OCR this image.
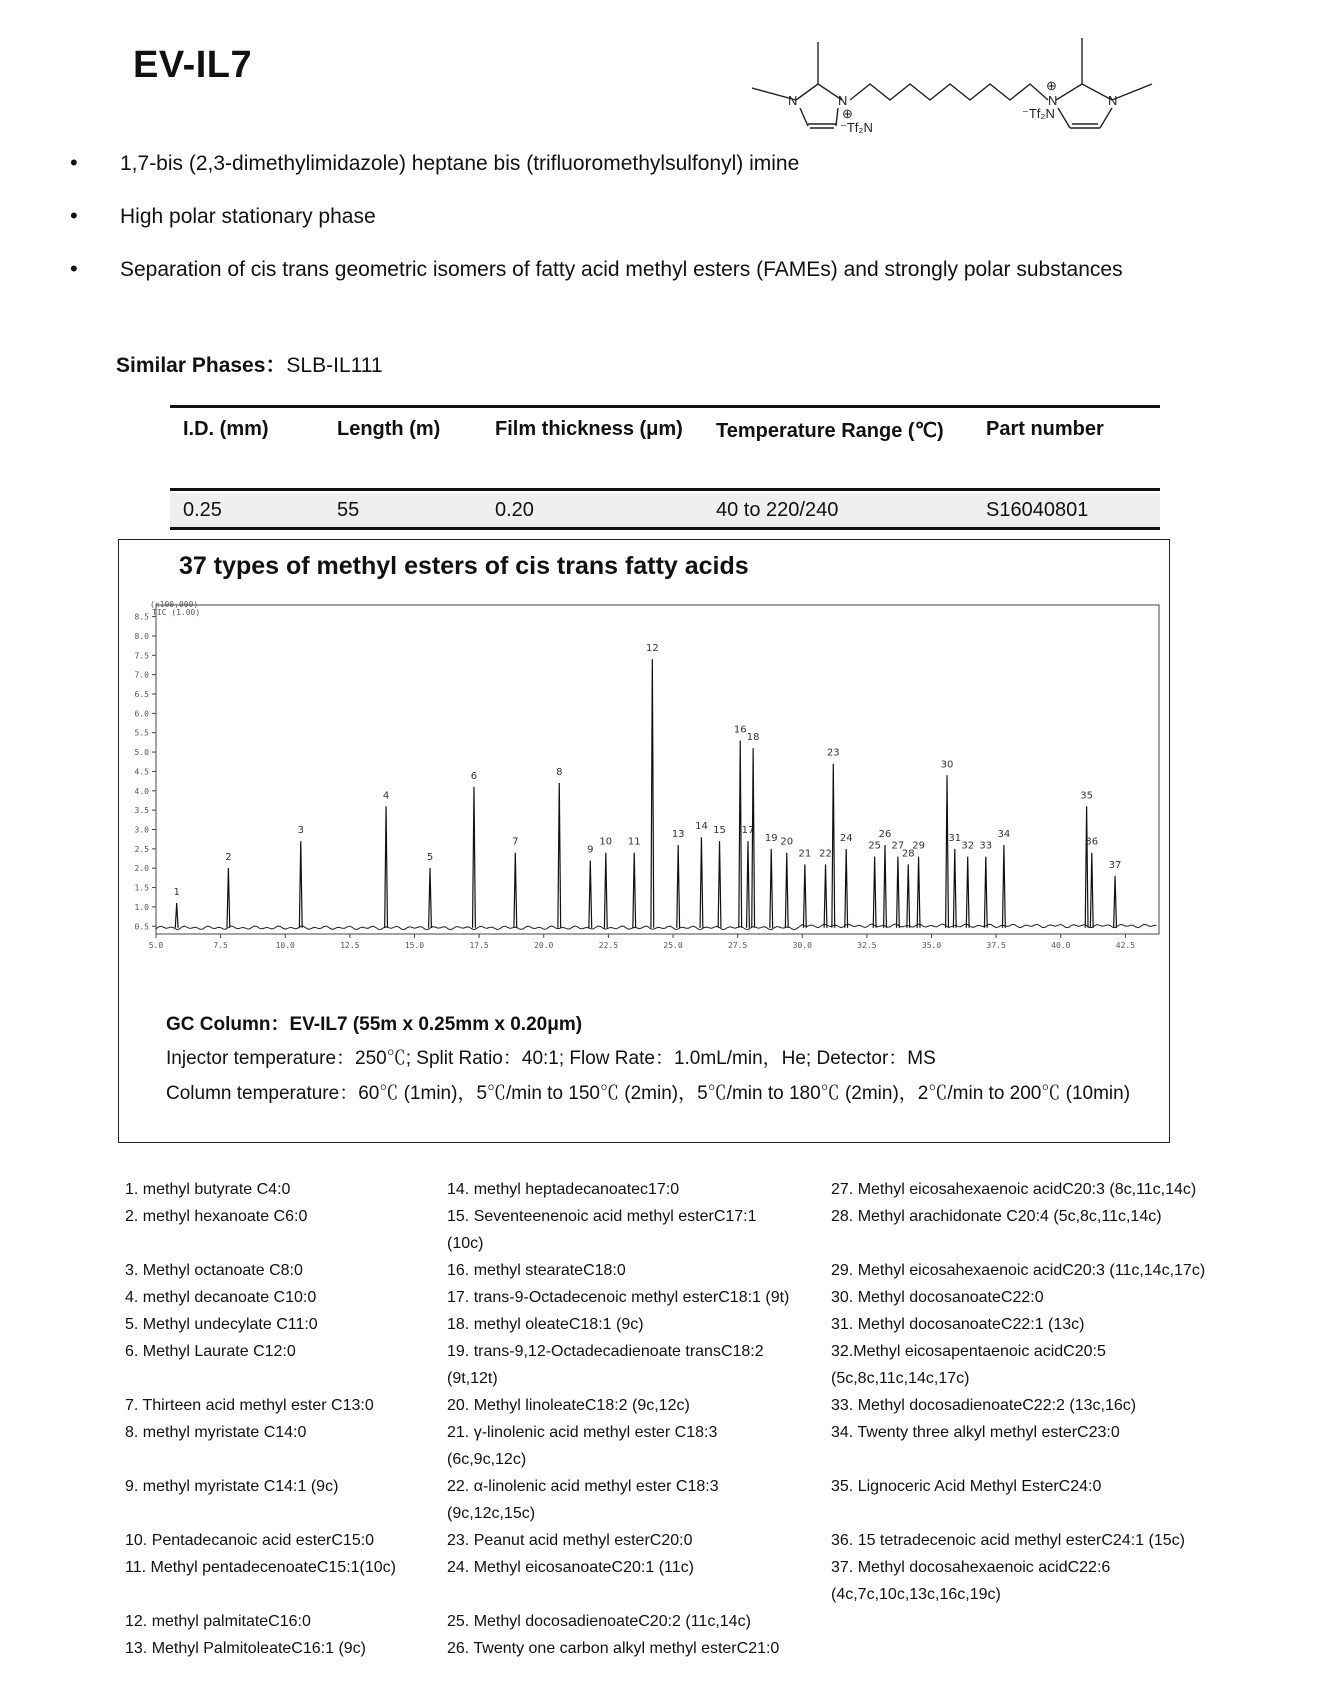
EV-IL7
N	N
⊕
⁻Tf₂N
N	N
⊕
⁻Tf₂N
• 1,7-bis (2,3-dimethylimidazole) heptane bis (trifluoromethylsulfonyl) imine
• High polar stationary phase
• Separation of cis trans geometric isomers of fatty acid methyl esters (FAMEs) and strongly polar substances
Similar Phases：SLB-IL111
I.D. (mm)	Length (m)	Film thickness (μm) Temperature Range (℃) Part number
0.25	55	0.20	40 to 220/240	S16040801
37 types of methyl esters of cis trans fatty acids
(x100,000)
TIC (1.00)
0.5
1.0
1.5
2.0
2.5
3.0
3.5
4.0
4.5
5.0
5.5
6.0
6.5
7.0
7.5
8.0
8.5
5.0	7.5	10.0	12.5	15.0	17.5	20.0	22.5	25.0	27.5	30.0	32.5	35.0	37.5	40.0	42.5
1
2
3
4
5
6
7
8
9
10 11
12
13
14 15
16
17
18
19 20
21 22
23
24
25
26
27
28
29
30
31
32 33
34
35
36
37
GC Column：EV-IL7 (55m x 0.25mm x 0.20μm)
Injector temperature：250℃; Split Ratio：40:1; Flow Rate：1.0mL/min，He; Detector：MS
Column temperature：60℃ (1min)，5℃/min to 150℃ (2min)，5℃/min to 180℃ (2min)，2℃/min to 200℃ (10min)
1. methyl butyrate C4:0
2. methyl hexanoate C6:0

3. Methyl octanoate C8:0
4. methyl decanoate C10:0
5. Methyl undecylate C11:0
6. Methyl Laurate C12:0

7. Thirteen acid methyl ester C13:0
8. methyl myristate C14:0

9. methyl myristate C14:1 (9c)

10. Pentadecanoic acid esterC15:0
11. Methyl pentadecenoateC15:1(10c)

12. methyl palmitateC16:0
13. Methyl PalmitoleateC16:1 (9c)
14. methyl heptadecanoatec17:0
15. Seventeenenoic acid methyl esterC17:1
(10c)
16. methyl stearateC18:0
17. trans-9-Octadecenoic methyl esterC18:1 (9t)
18. methyl oleateC18:1 (9c)
19. trans-9,12-Octadecadienoate transC18:2
(9t,12t)
20. Methyl linoleateC18:2 (9c,12c)
21. γ-linolenic acid methyl ester C18:3
(6c,9c,12c)
22. α-linolenic acid methyl ester C18:3
(9c,12c,15c)
23. Peanut acid methyl esterC20:0
24. Methyl eicosanoateC20:1 (11c)

25. Methyl docosadienoateC20:2 (11c,14c)
26. Twenty one carbon alkyl methyl esterC21:0
27. Methyl eicosahexaenoic acidC20:3 (8c,11c,14c)
28. Methyl arachidonate C20:4 (5c,8c,11c,14c)

29. Methyl eicosahexaenoic acidC20:3 (11c,14c,17c)
30. Methyl docosanoateC22:0
31. Methyl docosanoateC22:1 (13c)
32.Methyl eicosapentaenoic acidC20:5
(5c,8c,11c,14c,17c)
33. Methyl docosadienoateC22:2 (13c,16c)
34. Twenty three alkyl methyl esterC23:0

35. Lignoceric Acid Methyl EsterC24:0

36. 15 tetradecenoic acid methyl esterC24:1 (15c)
37. Methyl docosahexaenoic acidC22:6
(4c,7c,10c,13c,16c,19c)
